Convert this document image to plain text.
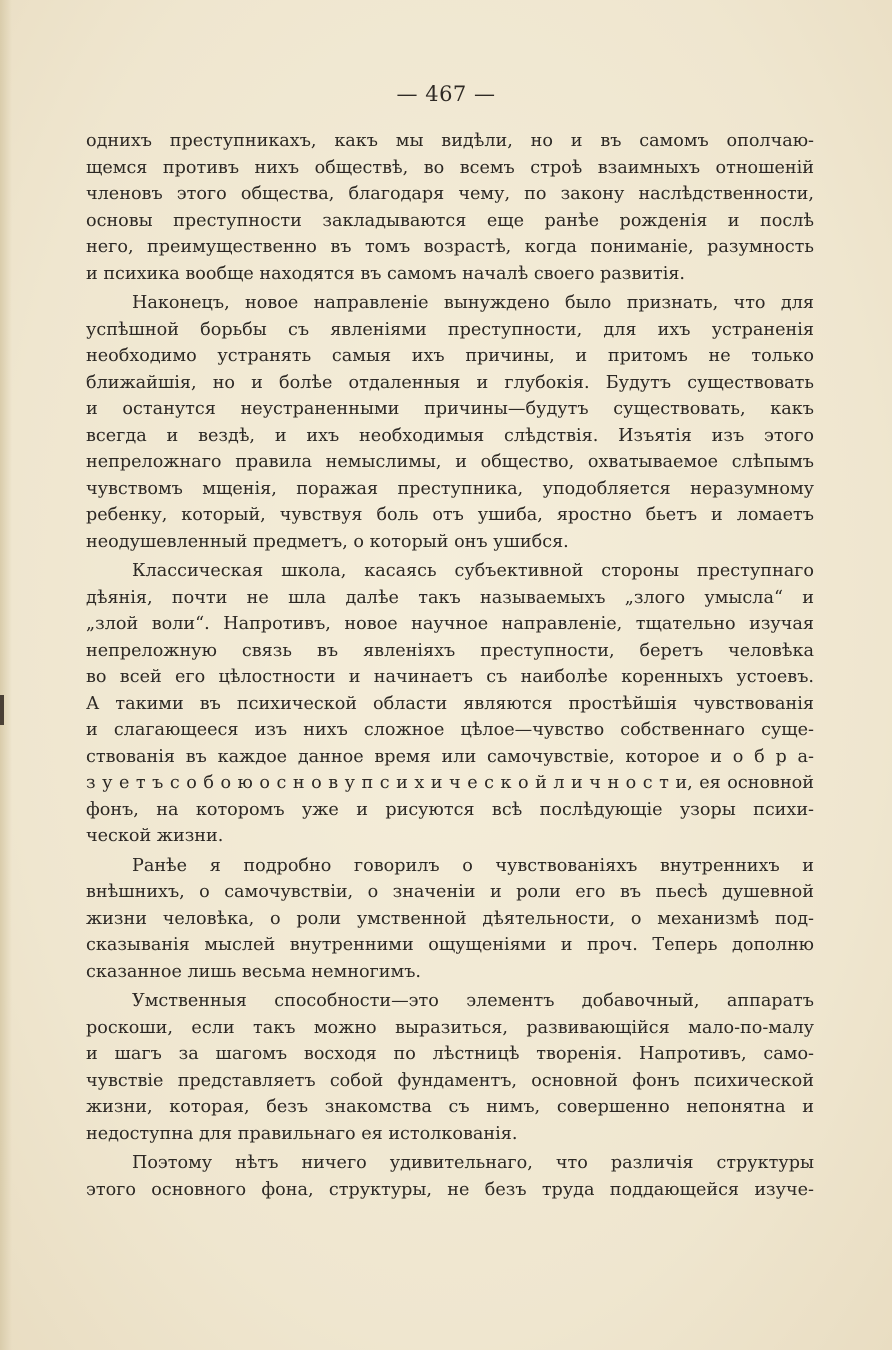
— 467 —
однихъ преступникахъ, какъ мы видѣли, но и въ самомъ ополчаю-
щемся противъ нихъ обществѣ, во всемъ строѣ взаимныхъ отношеній
членовъ этого общества, благодаря чему, по закону наслѣдственности,
основы преступности закладываются еще ранѣе рожденія и послѣ
него, преимущественно въ томъ возрастѣ, когда пониманіе, разумность
и психика вообще находятся въ самомъ началѣ своего развитія.
Наконецъ, новое направленіе вынуждено было признать, что для
успѣшной борьбы съ явленіями преступности, для ихъ устраненія
необходимо устранять самыя ихъ причины, и притомъ не только
ближайшія, но и болѣе отдаленныя и глубокія. Будутъ существовать
и останутся неустраненными причины—будутъ существовать, какъ
всегда и вездѣ, и ихъ необходимыя слѣдствія. Изъятія изъ этого
непреложнаго правила немыслимы, и общество, охватываемое слѣпымъ
чувствомъ мщенія, поражая преступника, уподобляется неразумному
ребенку, который, чувствуя боль отъ ушиба, яростно бьетъ и ломаетъ
неодушевленный предметъ, о который онъ ушибся.
Классическая школа, касаясь субъективной стороны преступнаго
дѣянія, почти не шла далѣе такъ называемыхъ „злого умысла“ и
„злой воли“. Напротивъ, новое научное направленіе, тщательно изучая
непреложную связь въ явленіяхъ преступности, беретъ человѣка
во всей его цѣлостности и начинаетъ съ наиболѣе коренныхъ устоевъ.
А такими въ психической области являются простѣйшія чувствованія
и слагающееся изъ нихъ сложное цѣлое—чувство собственнаго суще-
ствованія въ каждое данное время или самочувствіе, которое и о б р а-
з у е т ъ с о б о ю о с н о в у п с и х и ч е с к о й л и ч н о с т и, ея основной
фонъ, на которомъ уже и рисуются всѣ послѣдующіе узоры психи-
ческой жизни.
Ранѣе я подробно говорилъ о чувствованіяхъ внутреннихъ и
внѣшнихъ, о самочувствіи, о значеніи и роли его въ пьесѣ душевной
жизни человѣка, о роли умственной дѣятельности, о механизмѣ под-
сказыванія мыслей внутренними ощущеніями и проч. Теперь дополню
сказанное лишь весьма немногимъ.
Умственныя способности—это элементъ добавочный, аппаратъ
роскоши, если такъ можно выразиться, развивающійся мало-по-малу
и шагъ за шагомъ восходя по лѣстницѣ творенія. Напротивъ, само-
чувствіе представляетъ собой фундаментъ, основной фонъ психической
жизни, которая, безъ знакомства съ нимъ, совершенно непонятна и
недоступна для правильнаго ея истолкованія.
Поэтому нѣтъ ничего удивительнаго, что различія структуры
этого основного фона, структуры, не безъ труда поддающейся изуче-
